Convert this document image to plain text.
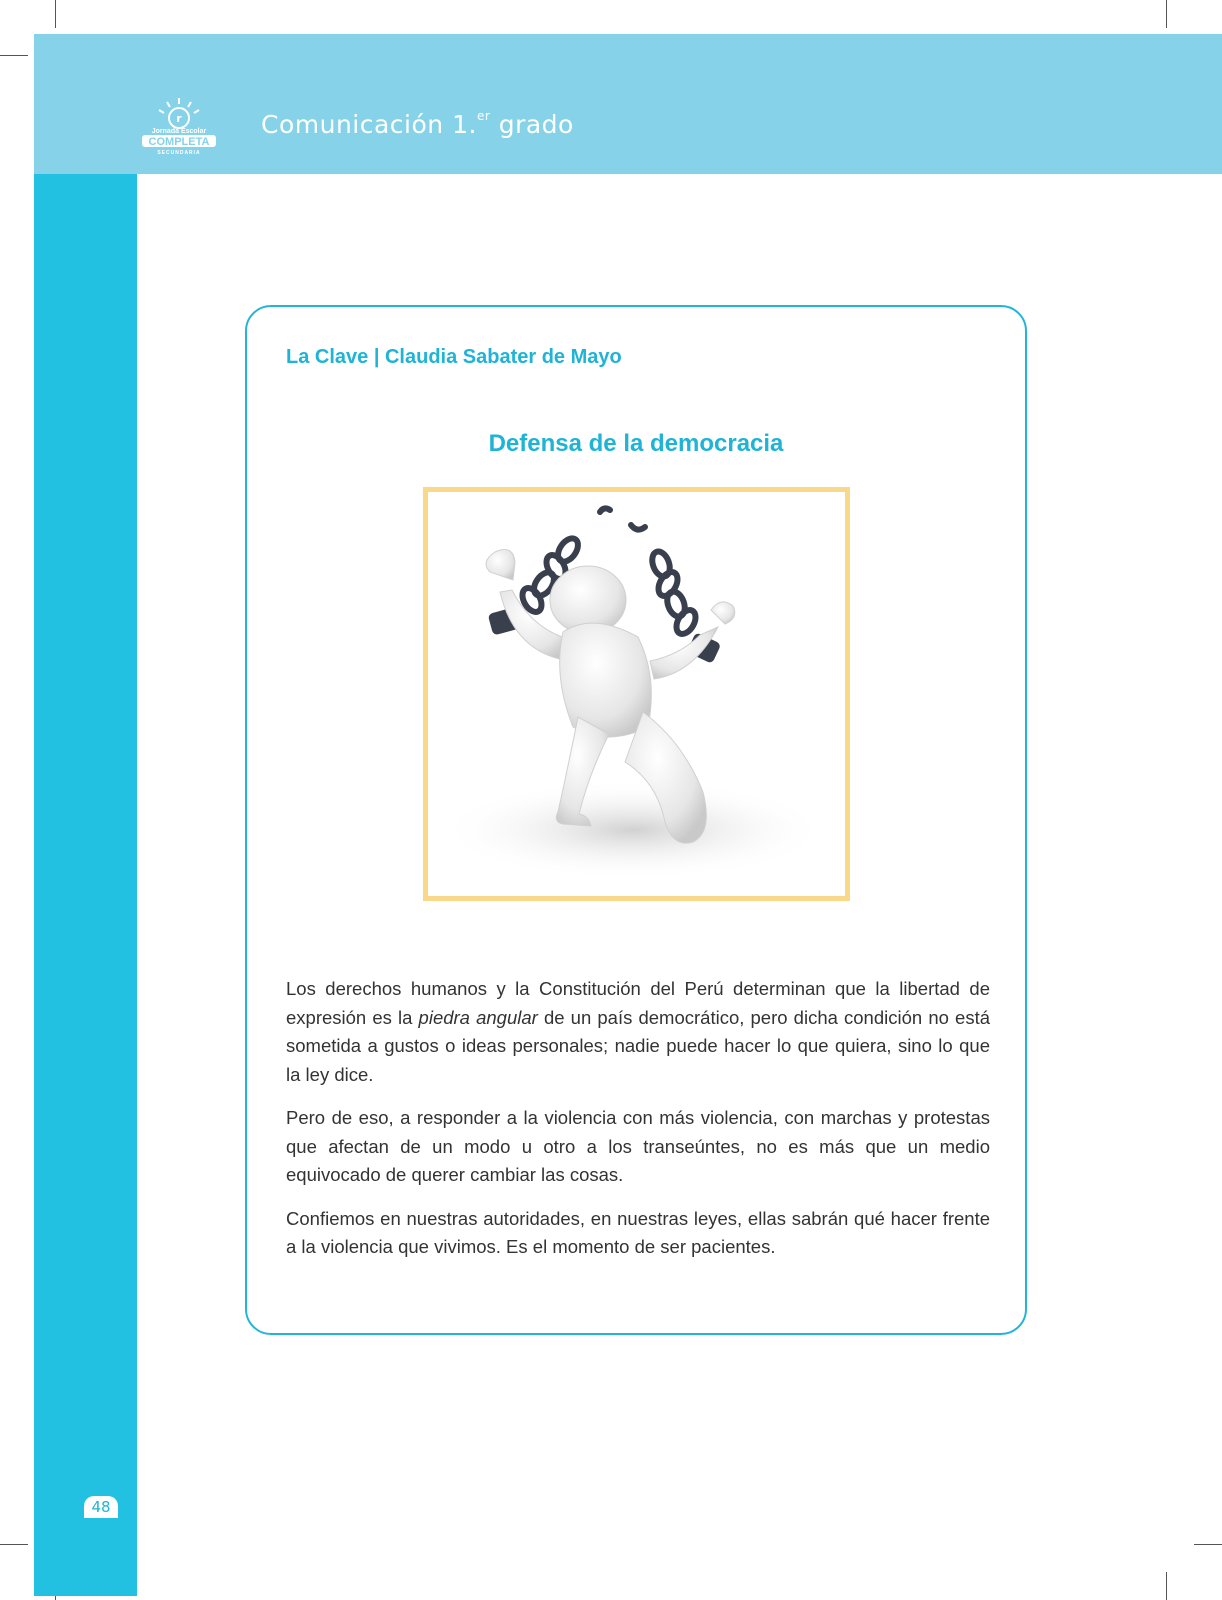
r
Jornada Escolar
COMPLETA
SECUNDARIA
Comunicación 1.$^{er}$ grado
La Clave | Claudia Sabater de Mayo
Defensa de la democracia

Los derechos humanos y la Constitución del Perú determinan que la libertad de expresión es la piedra angular de un país democrático, pero dicha condición no está sometida a gustos o ideas personales; nadie puede hacer lo que quiera, sino lo que la ley dice.

Pero de eso, a responder a la violencia con más violencia, con marchas y protestas que afectan de un modo u otro a los transeúntes, no es más que un medio equivocado de querer cambiar las cosas.

Confiemos en nuestras autoridades, en nuestras leyes, ellas sabrán qué hacer frente a la violencia que vivimos. Es el momento de ser pacientes.

48
